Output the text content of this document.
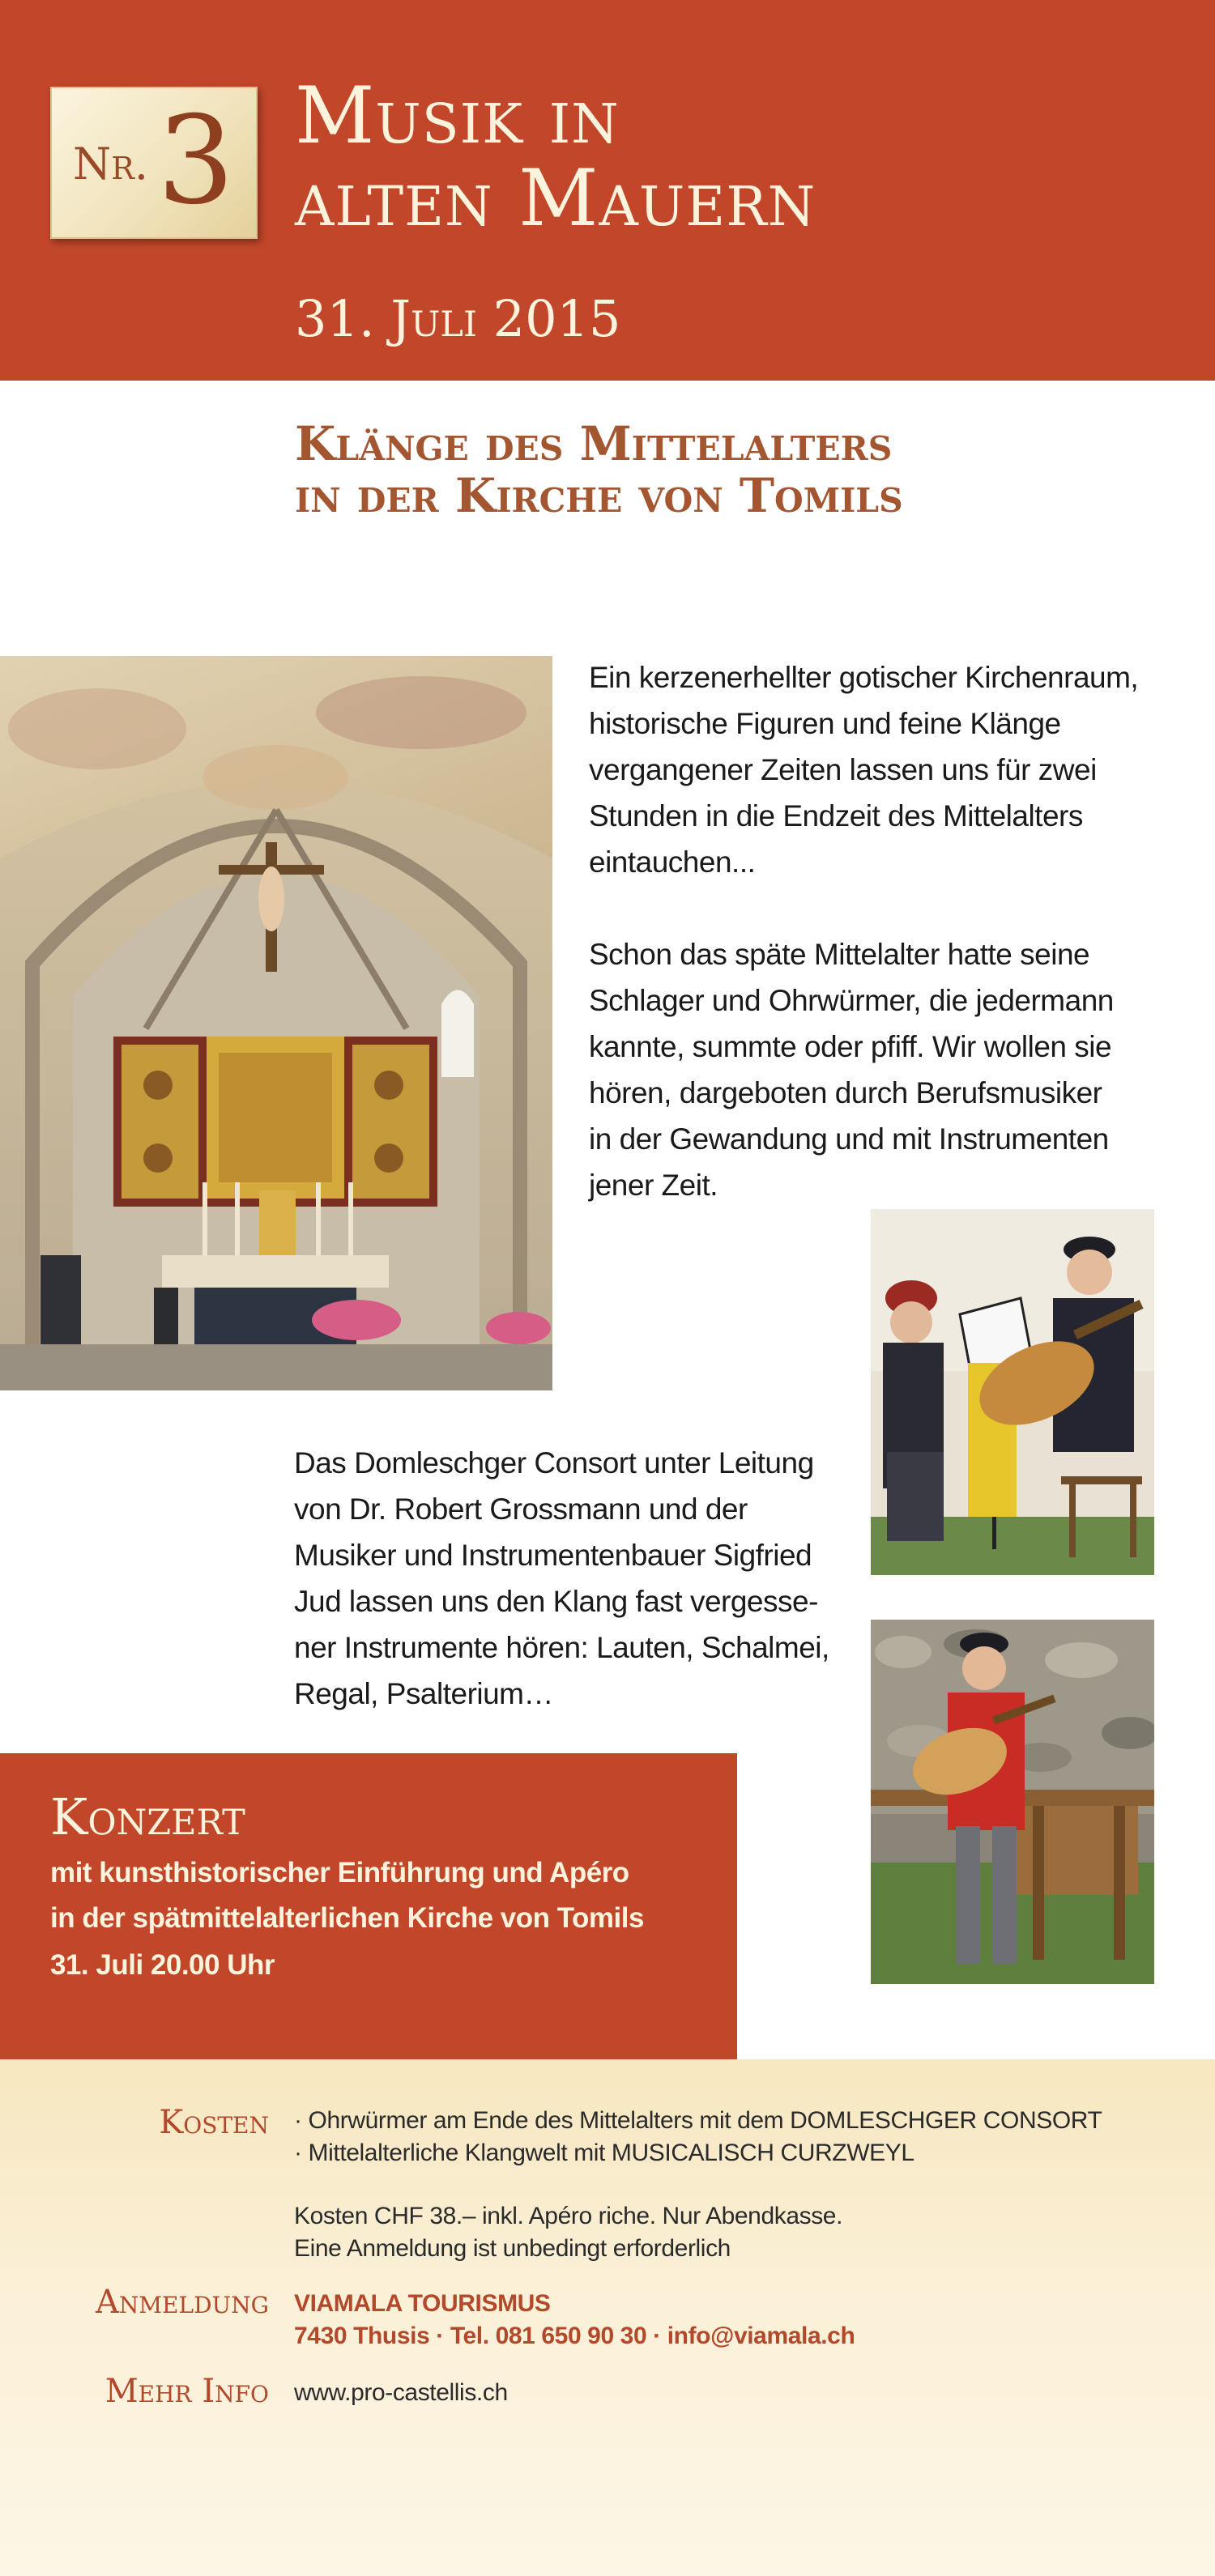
Nr. 3 Musik in
alten Mauern
31. Juli 2015
Klänge des Mittelalters
in der Kirche von Tomils
Ein kerzenerhellter gotischer Kirchenraum,
historische Figuren und feine Klänge
vergangener Zeiten lassen uns für zwei
Stunden in die Endzeit des Mittelalters
eintauchen...
Schon das späte Mittelalter hatte seine
Schlager und Ohrwürmer, die jedermann
kannte, summte oder pfiff. Wir wollen sie
hören, dargeboten durch Berufsmusiker
in der Gewandung und mit Instrumenten
jener Zeit.
Das Domleschger Consort unter Leitung
von Dr. Robert Grossmann und der
Musiker und Instrumentenbauer Sigfried
Jud lassen uns den Klang fast vergesse-
ner Instrumente hören: Lauten, Schalmei,
Regal, Psalterium…
Konzert
mit kunsthistorischer Einführung und Apéro
in der spätmittelalterlichen Kirche von Tomils
31. Juli 20.00 Uhr
Kosten · Ohrwürmer am Ende des Mittelalters mit dem DOMLESCHGER CONSORT
· Mittelalterliche Klangwelt mit MUSICALISCH CURZWEYL
Kosten CHF 38.– inkl. Apéro riche. Nur Abendkasse.
Eine Anmeldung ist unbedingt erforderlich
Anmeldung VIAMALA TOURISMUS
7430 Thusis · Tel. 081 650 90 30 · info@viamala.ch
Mehr Info www.pro-castellis.ch
